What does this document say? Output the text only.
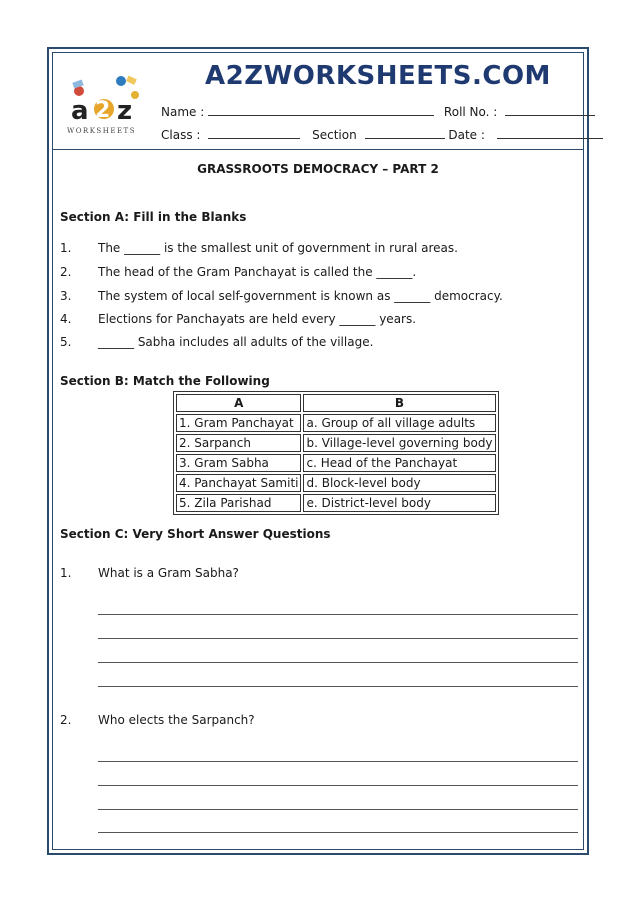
a 2 z
WORKSHEETS
A2ZWORKSHEETS.COM
Name :	Roll No. :
Class :	Section	Date :
GRASSROOTS DEMOCRACY – PART 2
Section A: Fill in the Blanks
1. The ______ is the smallest unit of government in rural areas.
2. The head of the Gram Panchayat is called the ______.
3. The system of local self-government is known as ______ democracy.
4. Elections for Panchayats are held every ______ years.
5. ______ Sabha includes all adults of the village.
Section B: Match the Following
A	B
1. Gram Panchayat	a. Group of all village adults
2. Sarpanch	b. Village-level governing body
3. Gram Sabha	c. Head of the Panchayat
4. Panchayat Samiti	d. Block-level body
5. Zila Parishad	e. District-level body
Section C: Very Short Answer Questions
1. What is a Gram Sabha?
2. Who elects the Sarpanch?
